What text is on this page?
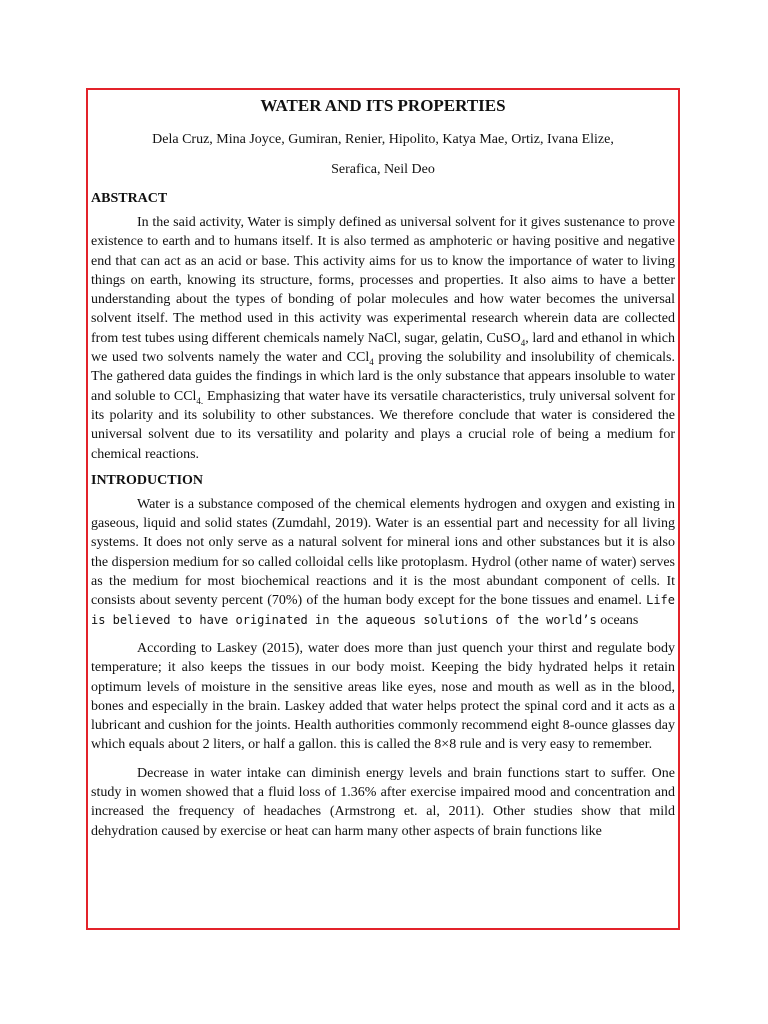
WATER AND ITS PROPERTIES
Dela Cruz, Mina Joyce, Gumiran, Renier, Hipolito, Katya Mae, Ortiz, Ivana Elize,
Serafica, Neil Deo
ABSTRACT

In the said activity, Water is simply defined as universal solvent for it gives sustenance to prove existence to earth and to humans itself. It is also termed as amphoteric or having positive and negative end that can act as an acid or base. This activity aims for us to know the importance of water to living things on earth, knowing its structure, forms, processes and properties. It also aims to have a better understanding about the types of bonding of polar molecules and how water becomes the universal solvent itself. The method used in this activity was experimental research wherein data are collected from test tubes using different chemicals namely NaCl, sugar, gelatin, CuSO$_4$, lard and ethanol in which we used two solvents namely the water and CCl$_4$ proving the solubility and insolubility of chemicals. The gathered data guides the findings in which lard is the only substance that appears insoluble to water and soluble to CCl$_{4.}$ Emphasizing that water have its versatile characteristics, truly universal solvent for its polarity and its solubility to other substances. We therefore conclude that water is considered the universal solvent due to its versatility and polarity and plays a crucial role of being a medium for chemical reactions.

INTRODUCTION

Water is a substance composed of the chemical elements hydrogen and oxygen and existing in gaseous, liquid and solid states (Zumdahl, 2019). Water is an essential part and necessity for all living systems. It does not only serve as a natural solvent for mineral ions and other substances but it is also the dispersion medium for so called colloidal cells like protoplasm. Hydrol (other name of water) serves as the medium for most biochemical reactions and it is the most abundant component of cells. It consists about seventy percent (70%) of the human body except for the bone tissues and enamel. Life is believed to have originated in the aqueous solutions of the world’s oceans

According to Laskey (2015), water does more than just quench your thirst and regulate body temperature; it also keeps the tissues in our body moist. Keeping the bidy hydrated helps it retain optimum levels of moisture in the sensitive areas like eyes, nose and mouth as well as in the blood, bones and especially in the brain. Laskey added that water helps protect the spinal cord and it acts as a lubricant and cushion for the joints. Health authorities commonly recommend eight 8-ounce glasses day which equals about 2 liters, or half a gallon. this is called the 8×8 rule and is very easy to remember.

Decrease in water intake can diminish energy levels and brain functions start to suffer. One study in women showed that a fluid loss of 1.36% after exercise impaired mood and concentration and increased the frequency of headaches (Armstrong et. al, 2011). Other studies show that mild dehydration caused by exercise or heat can harm many other aspects of brain functions like
